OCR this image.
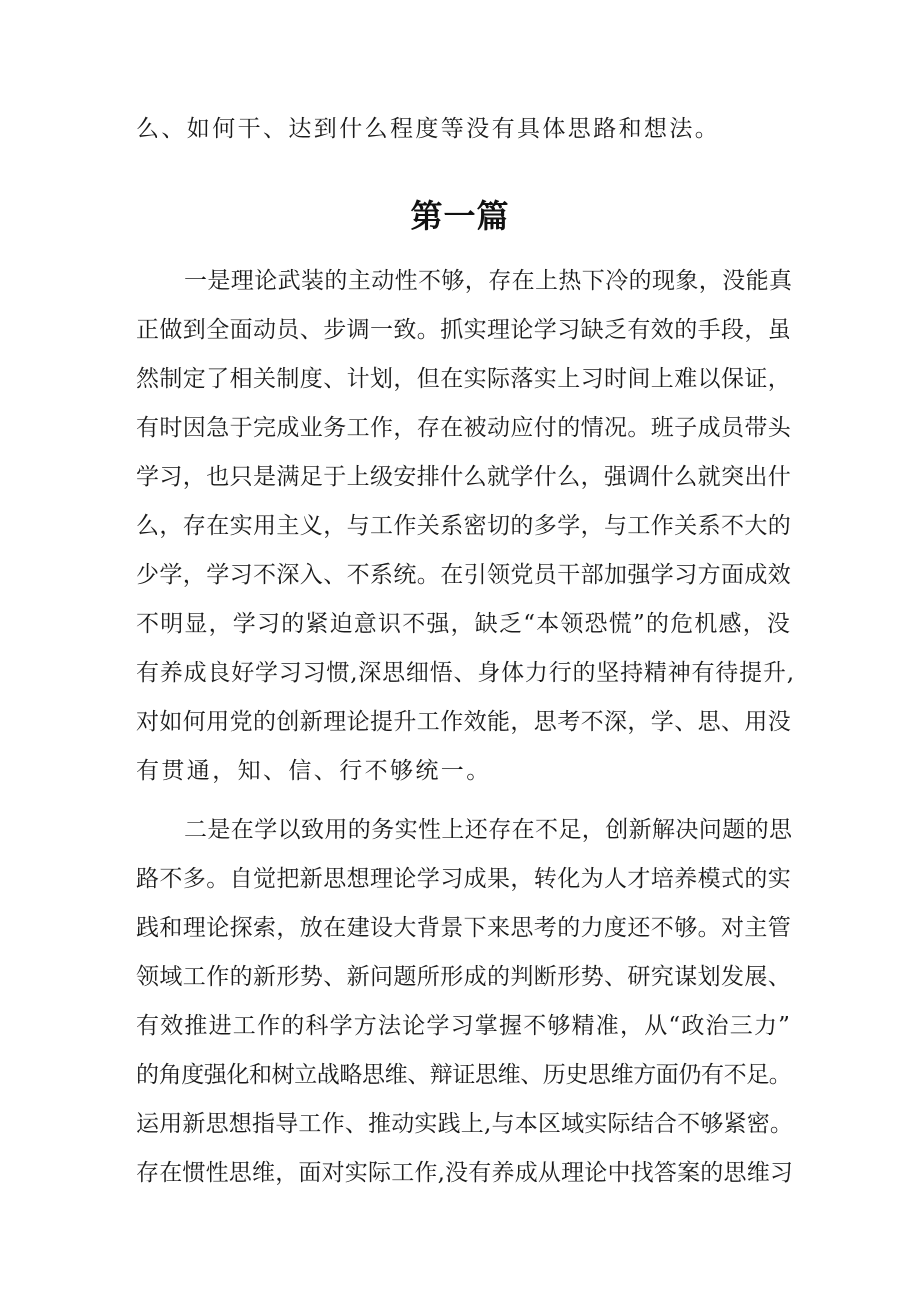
么、如何干、达到什么程度等没有具体思路和想法。
第一篇
一是理论武装的主动性不够，存在上热下冷的现象，没能真
正做到全面动员、步调一致。抓实理论学习缺乏有效的手段，虽
然制定了相关制度、计划，但在实际落实上习时间上难以保证，
有时因急于完成业务工作，存在被动应付的情况。班子成员带头
学习，也只是满足于上级安排什么就学什么，强调什么就突出什
么，存在实用主义，与工作关系密切的多学，与工作关系不大的
少学，学习不深入、不系统。在引领党员干部加强学习方面成效
不明显，学习的紧迫意识不强，缺乏“本领恐慌”的危机感，没
有养成良好学习习惯,深思细悟、身体力行的坚持精神有待提升,
对如何用党的创新理论提升工作效能，思考不深，学、思、用没
有贯通，知、信、行不够统一。
二是在学以致用的务实性上还存在不足，创新解决问题的思
路不多。自觉把新思想理论学习成果，转化为人才培养模式的实
践和理论探索，放在建设大背景下来思考的力度还不够。对主管
领域工作的新形势、新问题所形成的判断形势、研究谋划发展、
有效推进工作的科学方法论学习掌握不够精准，从“政治三力”
的角度强化和树立战略思维、辩证思维、历史思维方面仍有不足。
运用新思想指导工作、推动实践上,与本区域实际结合不够紧密。
存在惯性思维，面对实际工作,没有养成从理论中找答案的思维习
